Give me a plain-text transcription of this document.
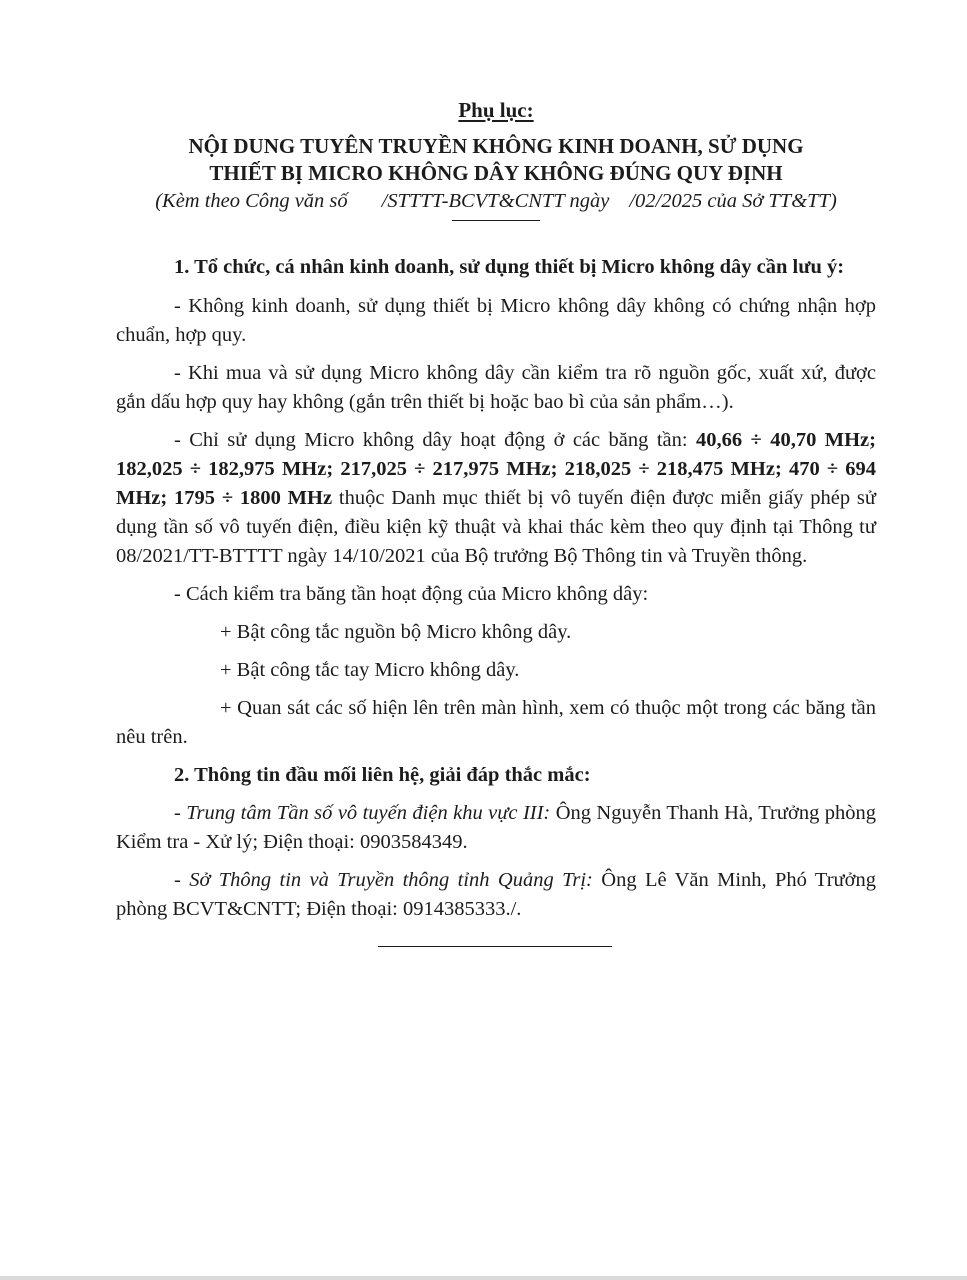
Phụ lục:

NỘI DUNG TUYÊN TRUYỀN KHÔNG KINH DOANH, SỬ DỤNG

THIẾT BỊ MICRO KHÔNG DÂY KHÔNG ĐÚNG QUY ĐỊNH

(Kèm theo Công văn số /STTTT-BCVT&CNTT ngày /02/2025 của Sở TT&TT)

1. Tổ chức, cá nhân kinh doanh, sử dụng thiết bị Micro không dây cần lưu ý:

- Không kinh doanh, sử dụng thiết bị Micro không dây không có chứng nhận hợp chuẩn, hợp quy.

- Khi mua và sử dụng Micro không dây cần kiểm tra rõ nguồn gốc, xuất xứ, được gắn dấu hợp quy hay không (gắn trên thiết bị hoặc bao bì của sản phẩm…).

- Chỉ sử dụng Micro không dây hoạt động ở các băng tần: 40,66 ÷ 40,70 MHz; 182,025 ÷ 182,975 MHz; 217,025 ÷ 217,975 MHz; 218,025 ÷ 218,475 MHz; 470 ÷ 694 MHz; 1795 ÷ 1800 MHz thuộc Danh mục thiết bị vô tuyến điện được miễn giấy phép sử dụng tần số vô tuyến điện, điều kiện kỹ thuật và khai thác kèm theo quy định tại Thông tư 08/2021/TT-BTTTT ngày 14/10/2021 của Bộ trưởng Bộ Thông tin và Truyền thông.

- Cách kiểm tra băng tần hoạt động của Micro không dây:

+ Bật công tắc nguồn bộ Micro không dây.

+ Bật công tắc tay Micro không dây.

+ Quan sát các số hiện lên trên màn hình, xem có thuộc một trong các băng tần nêu trên.

2. Thông tin đầu mối liên hệ, giải đáp thắc mắc:

- Trung tâm Tần số vô tuyến điện khu vực III: Ông Nguyễn Thanh Hà, Trưởng phòng Kiểm tra - Xử lý; Điện thoại: 0903584349.

- Sở Thông tin và Truyền thông tỉnh Quảng Trị: Ông Lê Văn Minh, Phó Trưởng phòng BCVT&CNTT; Điện thoại: 0914385333./.
